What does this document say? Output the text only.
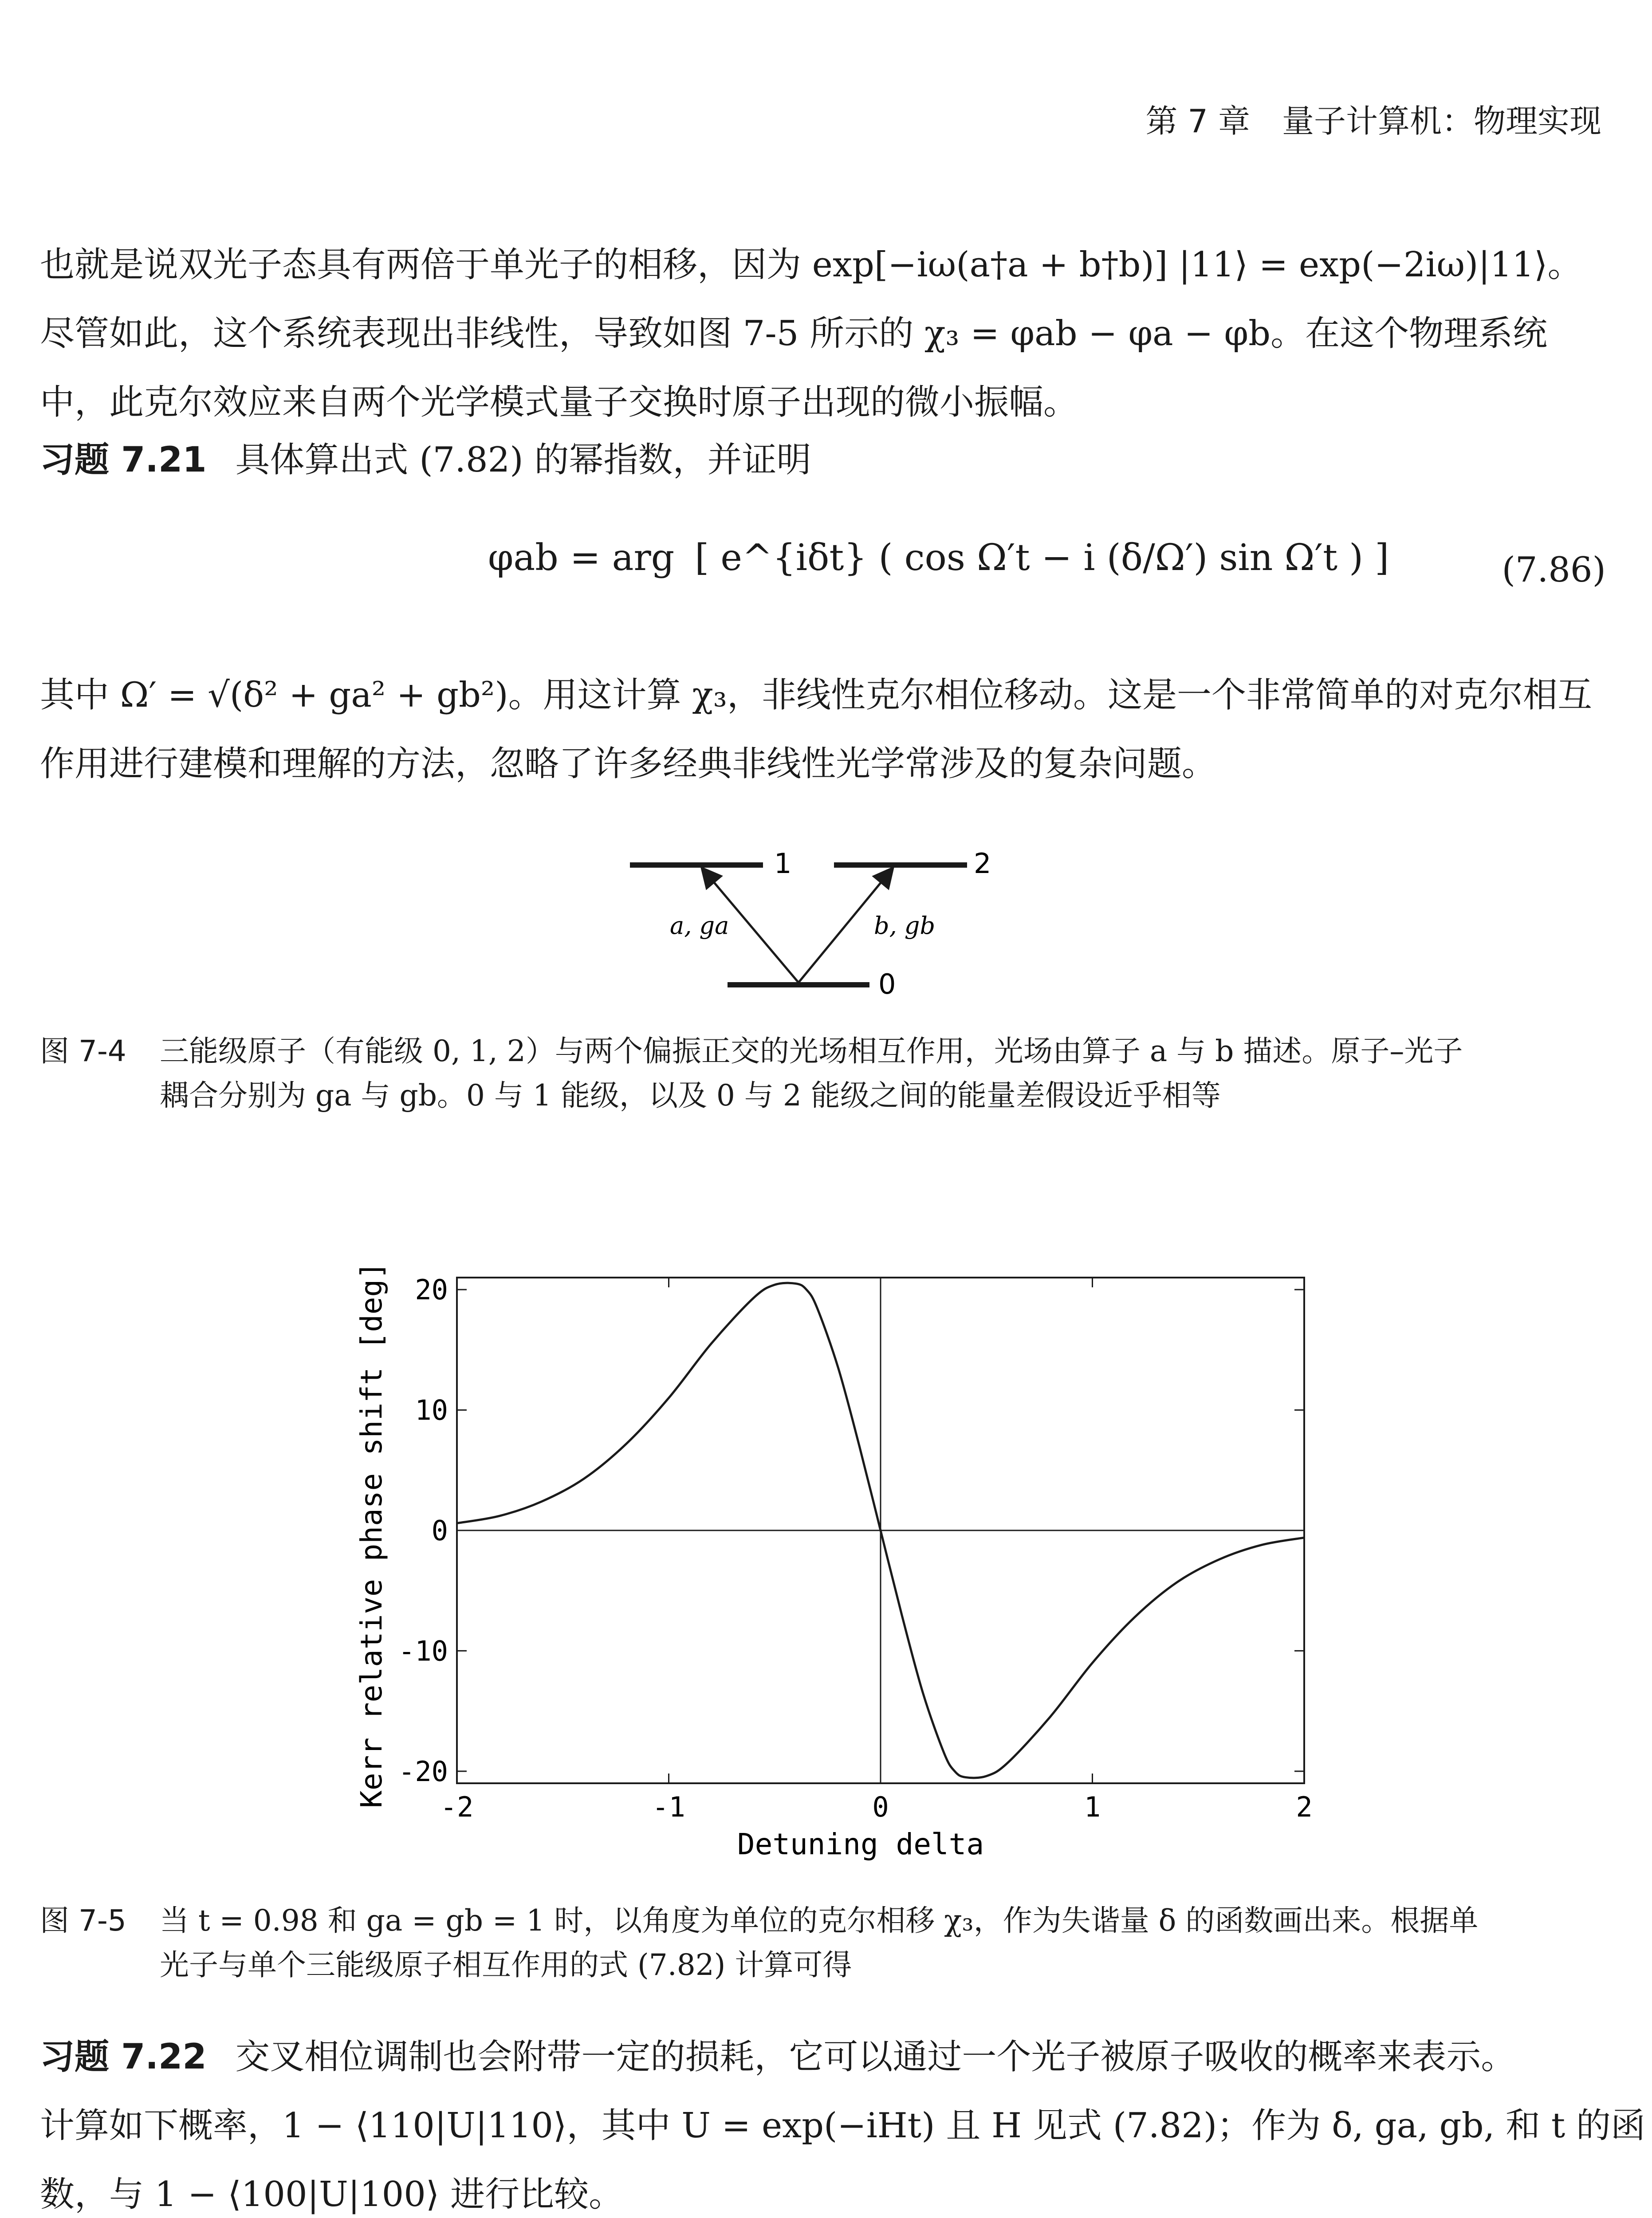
第 7 章　量子计算机：物理实现

也就是说双光子态具有两倍于单光子的相移，因为 exp[−iω(a†a + b†b)] |11⟩ = exp(−2iω)|11⟩。

尽管如此，这个系统表现出非线性，导致如图 7-5 所示的 χ₃ = φab − φa − φb。在这个物理系统

中，此克尔效应来自两个光学模式量子交换时原子出现的微小振幅。

习题 7.21 具体算出式 (7.82) 的幂指数，并证明

φab = arg [ e^{iδt} ( cos Ω′t − i (δ/Ω′) sin Ω′t ) ]	(7.86)

其中 Ω′ = √(δ² + ga² + gb²)。用这计算 χ₃，非线性克尔相位移动。这是一个非常简单的对克尔相互

作用进行建模和理解的方法，忽略了许多经典非线性光学常涉及的复杂问题。

1	2
0
a, ga	b, gb
图 7-4 三能级原子（有能级 0, 1, 2）与两个偏振正交的光场相互作用，光场由算子 a 与 b 描述。原子–光子
耦合分别为 ga 与 gb。0 与 1 能级，以及 0 与 2 能级之间的能量差假设近乎相等
-2	-1	0	1	2
20
10
0
-10
-20
Detuning delta
Kerr relative phase shift [deg]
图 7-5 当 t = 0.98 和 ga = gb = 1 时，以角度为单位的克尔相移 χ₃，作为失谐量 δ 的函数画出来。根据单
光子与单个三能级原子相互作用的式 (7.82) 计算可得

习题 7.22 交叉相位调制也会附带一定的损耗，它可以通过一个光子被原子吸收的概率来表示。

计算如下概率，1 − ⟨110|U|110⟩，其中 U = exp(−iHt) 且 H 见式 (7.82)；作为 δ, ga, gb, 和 t 的函

数，与 1 − ⟨100|U|100⟩ 进行比较。
